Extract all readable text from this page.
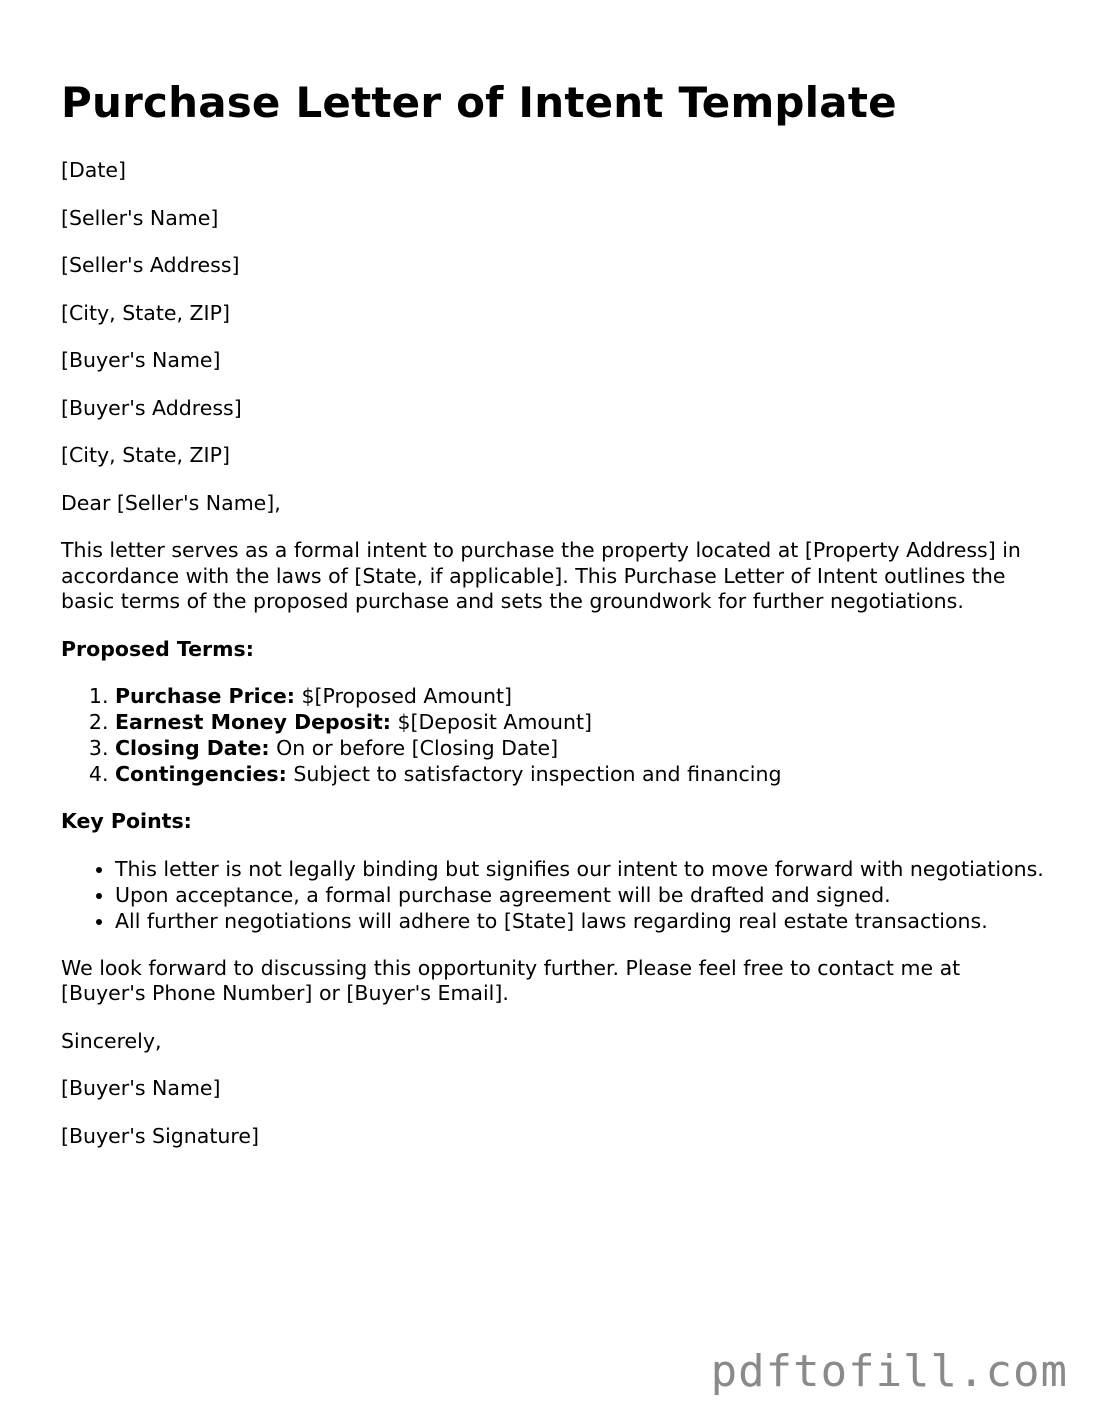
Purchase Letter of Intent Template

[Date]

[Seller's Name]

[Seller's Address]

[City, State, ZIP]

[Buyer's Name]

[Buyer's Address]

[City, State, ZIP]

Dear [Seller's Name],

This letter serves as a formal intent to purchase the property located at [Property Address] in accordance with the laws of [State, if applicable]. This Purchase Letter of Intent outlines the basic terms of the proposed purchase and sets the groundwork for further negotiations.

Proposed Terms:

1. Purchase Price: $[Proposed Amount]
2. Earnest Money Deposit: $[Deposit Amount]
3. Closing Date: On or before [Closing Date]
4. Contingencies: Subject to satisfactory inspection and financing

Key Points:

• This letter is not legally binding but signifies our intent to move forward with negotiations.
• Upon acceptance, a formal purchase agreement will be drafted and signed.
• All further negotiations will adhere to [State] laws regarding real estate transactions.

We look forward to discussing this opportunity further. Please feel free to contact me at [Buyer's Phone Number] or [Buyer's Email].

Sincerely,

[Buyer's Name]

[Buyer's Signature]

pdftofill.com
